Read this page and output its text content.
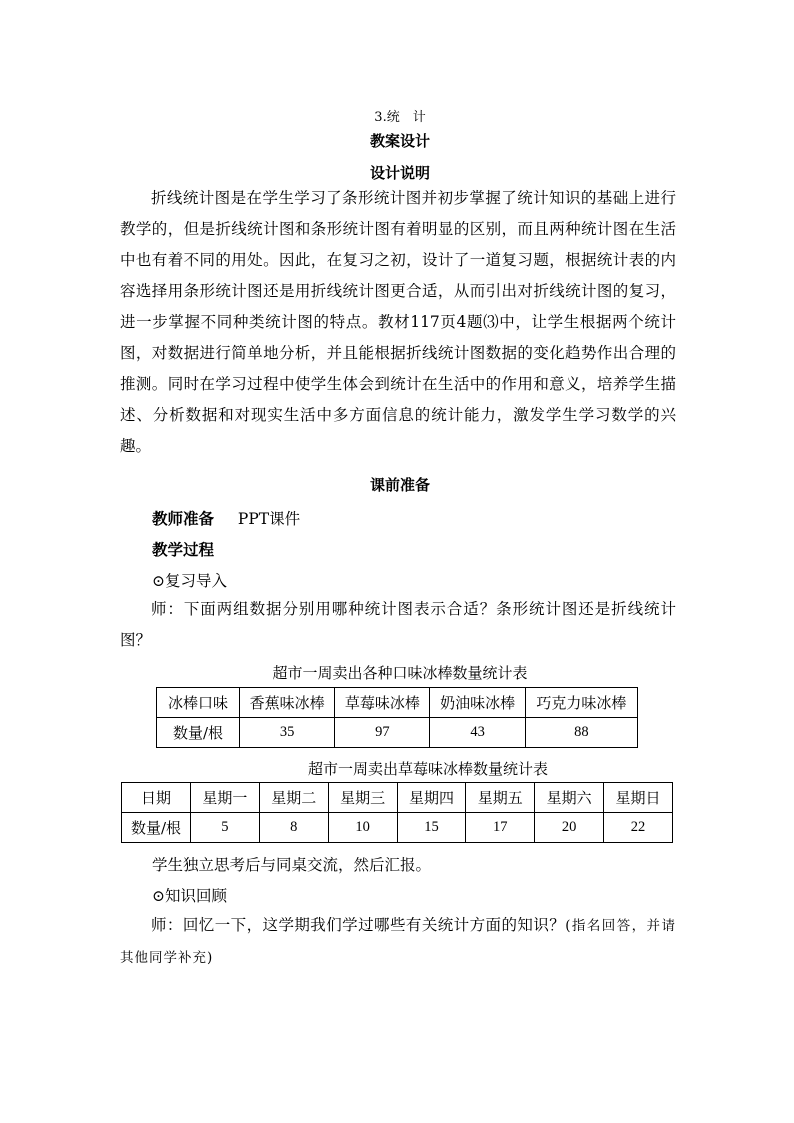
3.统　计
教案设计
设计说明
折线统计图是在学生学习了条形统计图并初步掌握了统计知识的基础上进行教学的，但是折线统计图和条形统计图有着明显的区别，而且两种统计图在生活中也有着不同的用处。因此，在复习之初，设计了一道复习题，根据统计表的内容选择用条形统计图还是用折线统计图更合适，从而引出对折线统计图的复习，进一步掌握不同种类统计图的特点。教材117页4题⑶中，让学生根据两个统计图，对数据进行简单地分析，并且能根据折线统计图数据的变化趋势作出合理的推测。同时在学习过程中使学生体会到统计在生活中的作用和意义，培养学生描述、分析数据和对现实生活中多方面信息的统计能力，激发学生学习数学的兴趣。
课前准备
教师准备 PPT课件
教学过程
⊙复习导入
师：下面两组数据分别用哪种统计图表示合适？条形统计图还是折线统计图？
超市一周卖出各种口味冰棒数量统计表
冰棒口味	香蕉味冰棒	草莓味冰棒	奶油味冰棒	巧克力味冰棒
数量/根	35	97	43	88
超市一周卖出草莓味冰棒数量统计表
日期	星期一	星期二	星期三	星期四	星期五	星期六	星期日
数量/根	5	8	10	15	17	20	22
学生独立思考后与同桌交流，然后汇报。
⊙知识回顾
师：回忆一下，这学期我们学过哪些有关统计方面的知识？(指名回答，并请其他同学补充)
